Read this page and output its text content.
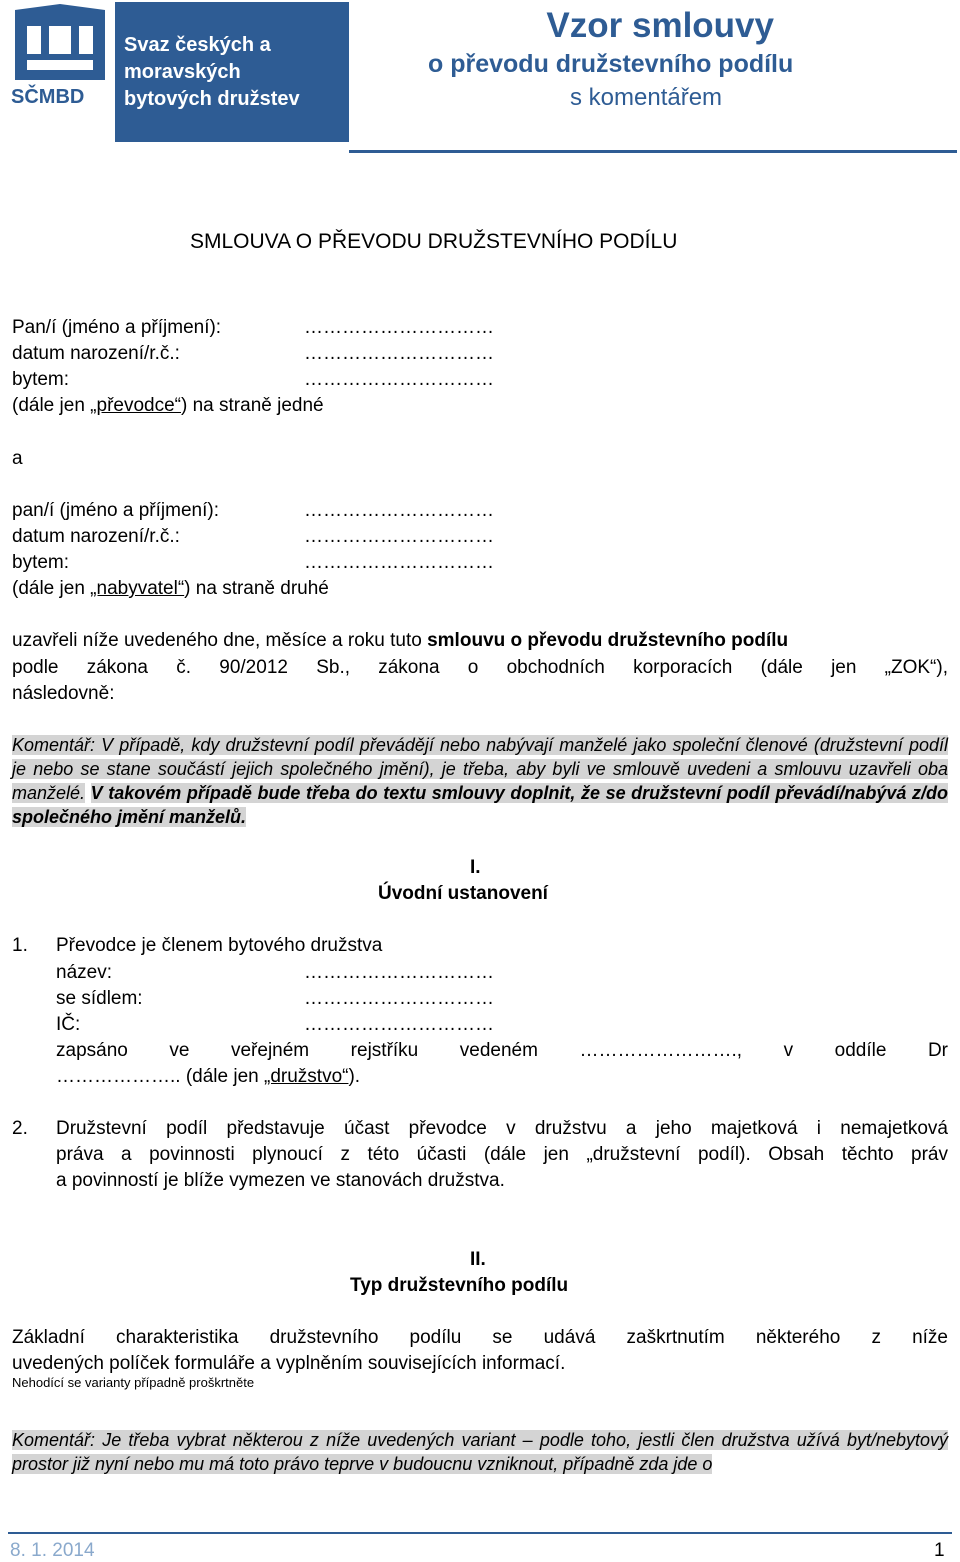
SČMBD
Svaz českých a
moravských
bytových družstev
Vzor smlouvy
o převodu družstevního podílu
s komentářem
SMLOUVA O PŘEVODU DRUŽSTEVNÍHO PODÍLU
Pan/í (jméno a příjmení):	…………………………
datum narození/r.č.:	…………………………
bytem:	…………………………
(dále jen „převodce“) na straně jedné
a
pan/í (jméno a příjmení):	…………………………
datum narození/r.č.:	…………………………
bytem:	…………………………
(dále jen „nabyvatel“) na straně druhé
uzavřeli níže uvedeného dne, měsíce a roku tuto smlouvu o převodu družstevního podílu
podle zákona č. 90/2012 Sb., zákona o obchodních korporacích (dále jen „ZOK“),
následovně:
Komentář: V případě, kdy družstevní podíl převádějí nebo nabývají manželé jako společní členové (družstevní podíl je nebo se stane součástí jejich společného jmění), je třeba, aby byli ve smlouvě uvedeni a smlouvu uzavřeli oba manželé. V takovém případě bude třeba do textu smlouvy doplnit, že se družstevní podíl převádí/nabývá z/do společného jmění manželů.
I.
Úvodní ustanovení
1. Převodce je členem bytového družstva
název:	…………………………
se sídlem:	…………………………
IČ:	…………………………
zapsáno ve veřejném rejstříku vedeném ……………………., v oddíle Dr
……………….. (dále jen „družstvo“).
2. Družstevní podíl představuje účast převodce v družstvu a jeho majetková i nemajetková
práva a povinnosti plynoucí z této účasti (dále jen „družstevní podíl). Obsah těchto práv
a povinností je blíže vymezen ve stanovách družstva.
II.
Typ družstevního podílu
Základní charakteristika družstevního podílu se udává zaškrtnutím některého z níže
uvedených políček formuláře a vyplněním souvisejících informací.
Nehodící se varianty případně proškrtněte
Komentář: Je třeba vybrat některou z níže uvedených variant – podle toho, jestli člen družstva užívá byt/nebytový prostor již nyní nebo mu má toto právo teprve v budoucnu vzniknout, případně zda jde o
8. 1. 2014	1
